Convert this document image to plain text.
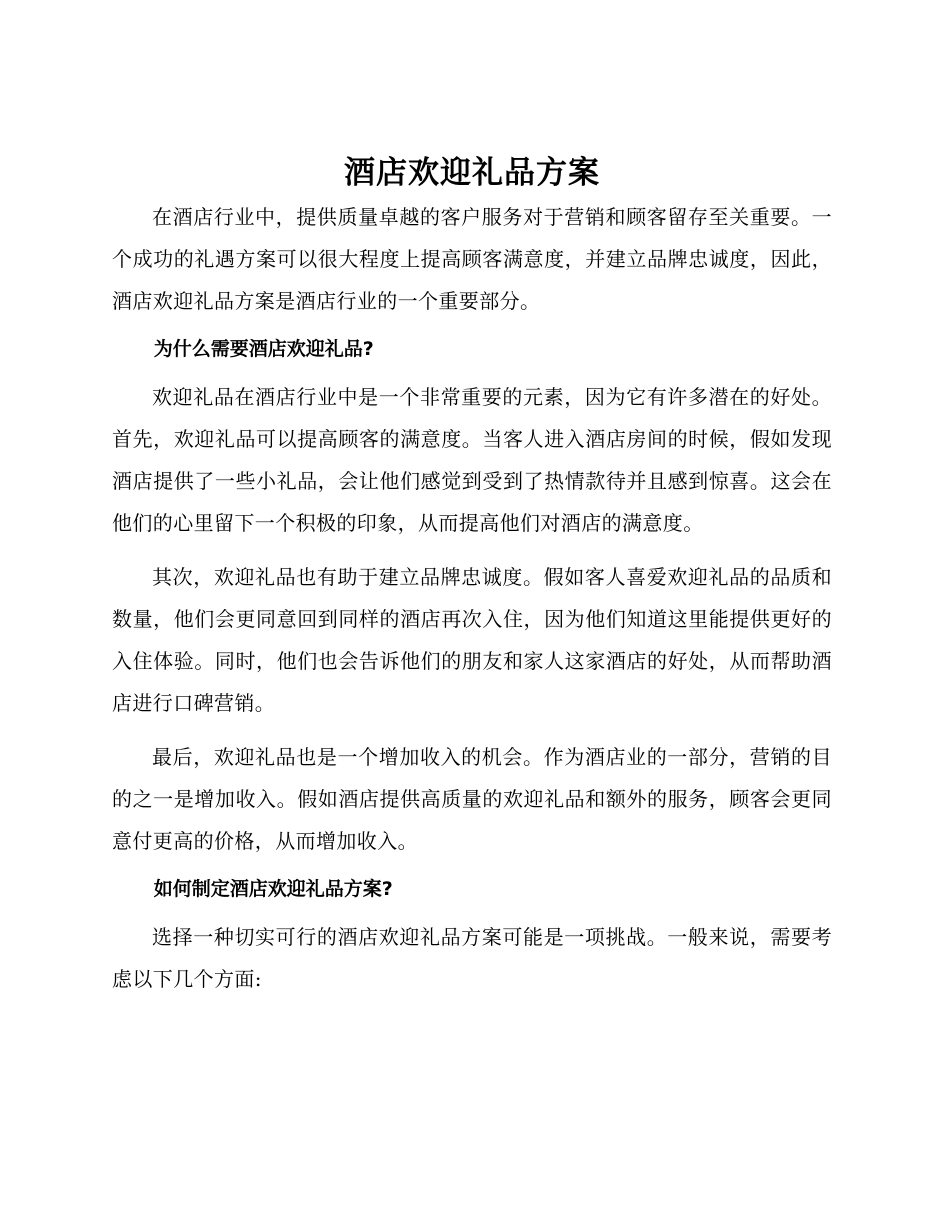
酒店欢迎礼品方案

在酒店行业中，提供质量卓越的客户服务对于营销和顾客留存至关重要。一个成功的礼遇方案可以很大程度上提高顾客满意度，并建立品牌忠诚度，因此，酒店欢迎礼品方案是酒店行业的一个重要部分。

为什么需要酒店欢迎礼品?

欢迎礼品在酒店行业中是一个非常重要的元素，因为它有许多潜在的好处。首先，欢迎礼品可以提高顾客的满意度。当客人进入酒店房间的时候，假如发现酒店提供了一些小礼品，会让他们感觉到受到了热情款待并且感到惊喜。这会在他们的心里留下一个积极的印象，从而提高他们对酒店的满意度。

其次，欢迎礼品也有助于建立品牌忠诚度。假如客人喜爱欢迎礼品的品质和数量，他们会更同意回到同样的酒店再次入住，因为他们知道这里能提供更好的入住体验。同时，他们也会告诉他们的朋友和家人这家酒店的好处，从而帮助酒店进行口碑营销。

最后，欢迎礼品也是一个增加收入的机会。作为酒店业的一部分，营销的目的之一是增加收入。假如酒店提供高质量的欢迎礼品和额外的服务，顾客会更同意付更高的价格，从而增加收入。

如何制定酒店欢迎礼品方案?

选择一种切实可行的酒店欢迎礼品方案可能是一项挑战。一般来说，需要考虑以下几个方面:
